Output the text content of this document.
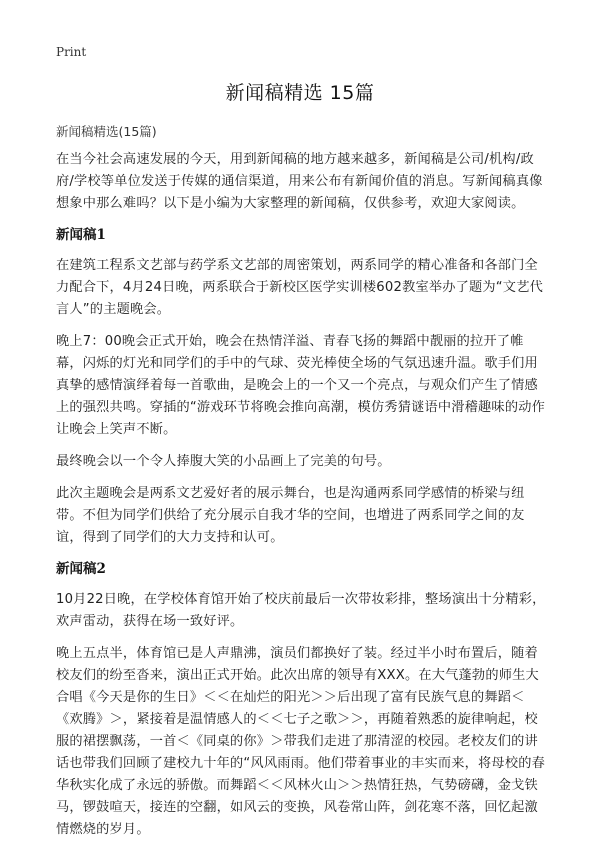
Print
新闻稿精选 15篇
新闻稿精选(15篇)

在当今社会高速发展的今天，用到新闻稿的地方越来越多，新闻稿是公司/机构/政府/学校等单位发送于传媒的通信渠道，用来公布有新闻价值的消息。写新闻稿真像想象中那么难吗？以下是小编为大家整理的新闻稿，仅供参考，欢迎大家阅读。

新闻稿1

在建筑工程系文艺部与药学系文艺部的周密策划，两系同学的精心准备和各部门全力配合下，4月24日晚，两系联合于新校区医学实训楼602教室举办了题为“文艺代言人”的主题晚会。

晚上7：00晚会正式开始，晚会在热情洋溢、青春飞扬的舞蹈中靓丽的拉开了帷幕，闪烁的灯光和同学们的手中的气球、荧光棒使全场的气氛迅速升温。歌手们用真挚的感情演绎着每一首歌曲，是晚会上的一个又一个亮点，与观众们产生了情感上的强烈共鸣。穿插的“游戏环节将晚会推向高潮，模仿秀猜谜语中滑稽趣味的动作让晚会上笑声不断。

最终晚会以一个令人捧腹大笑的小品画上了完美的句号。

此次主题晚会是两系文艺爱好者的展示舞台，也是沟通两系同学感情的桥梁与纽带。不但为同学们供给了充分展示自我才华的空间，也增进了两系同学之间的友谊，得到了同学们的大力支持和认可。

新闻稿2

10月22日晚，在学校体育馆开始了校庆前最后一次带妆彩排，整场演出十分精彩，欢声雷动，获得在场一致好评。

晚上五点半，体育馆已是人声鼎沸，演员们都换好了装。经过半小时布置后，随着校友们的纷至沓来，演出正式开始。此次出席的领导有XXX。在大气蓬勃的师生大合唱《今天是你的生日》＜＜在灿烂的阳光＞＞后出现了富有民族气息的舞蹈＜《欢腾》＞，紧接着是温情感人的＜＜七子之歌＞＞，再随着熟悉的旋律响起，校服的裙摆飘荡，一首＜《同桌的你》＞带我们走进了那清涩的校园。老校友们的讲话也带我们回顾了建校九十年的“风风雨雨。他们带着事业的丰实而来，将母校的春华秋实化成了永远的骄傲。而舞蹈＜＜风林火山＞＞热情狂热，气势磅礴，金戈铁马，锣鼓喧天，接连的空翻，如风云的变换，风卷常山阵，剑花寒不落，回忆起激情燃烧的岁月。
